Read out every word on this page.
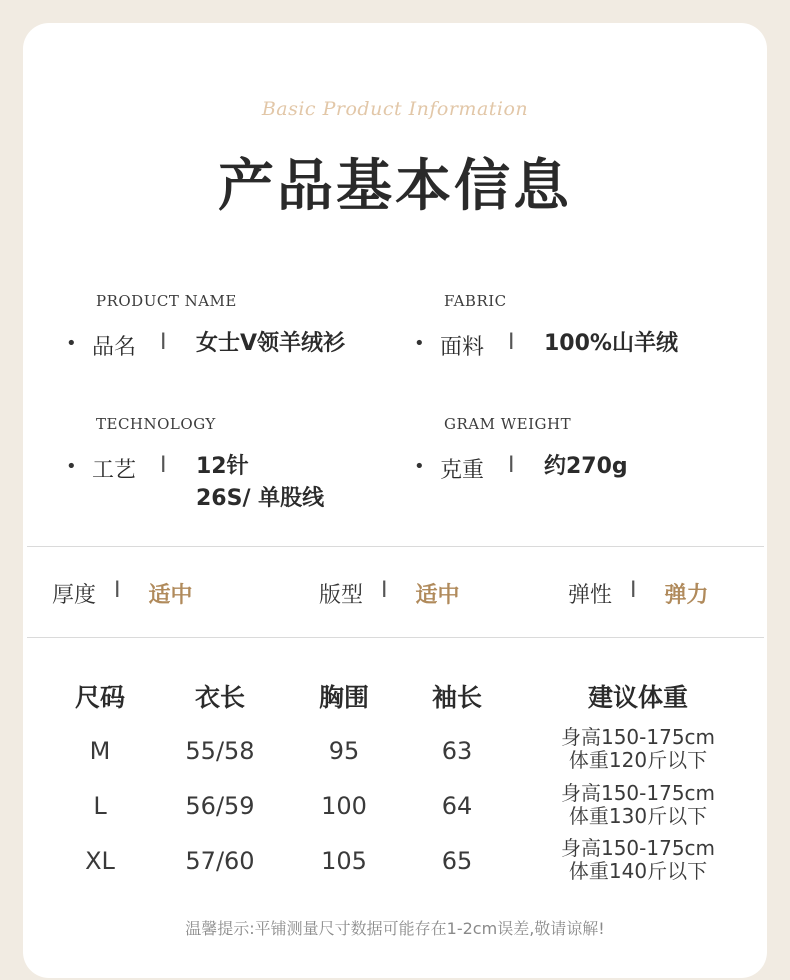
Basic Product Information
产品基本信息
PRODUCT NAME
• 品名	I	女士V领羊绒衫
FABRIC
• 面料	I	100%山羊绒
TECHNOLOGY
• 工艺	I	12针
26S/ 单股线
GRAM WEIGHT
• 克重	I	约270g
厚度 I 适中	版型 I 适中	弹性 I 弹力
尺码	衣长	胸围	袖长	建议体重
M	55/58	95	63	身高150-175cm
体重120斤以下
L	56/59	100	64	身高150-175cm
体重130斤以下
XL	57/60	105	65	身高150-175cm
体重140斤以下
温馨提示:平铺测量尺寸数据可能存在1-2cm误差,敬请谅解!
